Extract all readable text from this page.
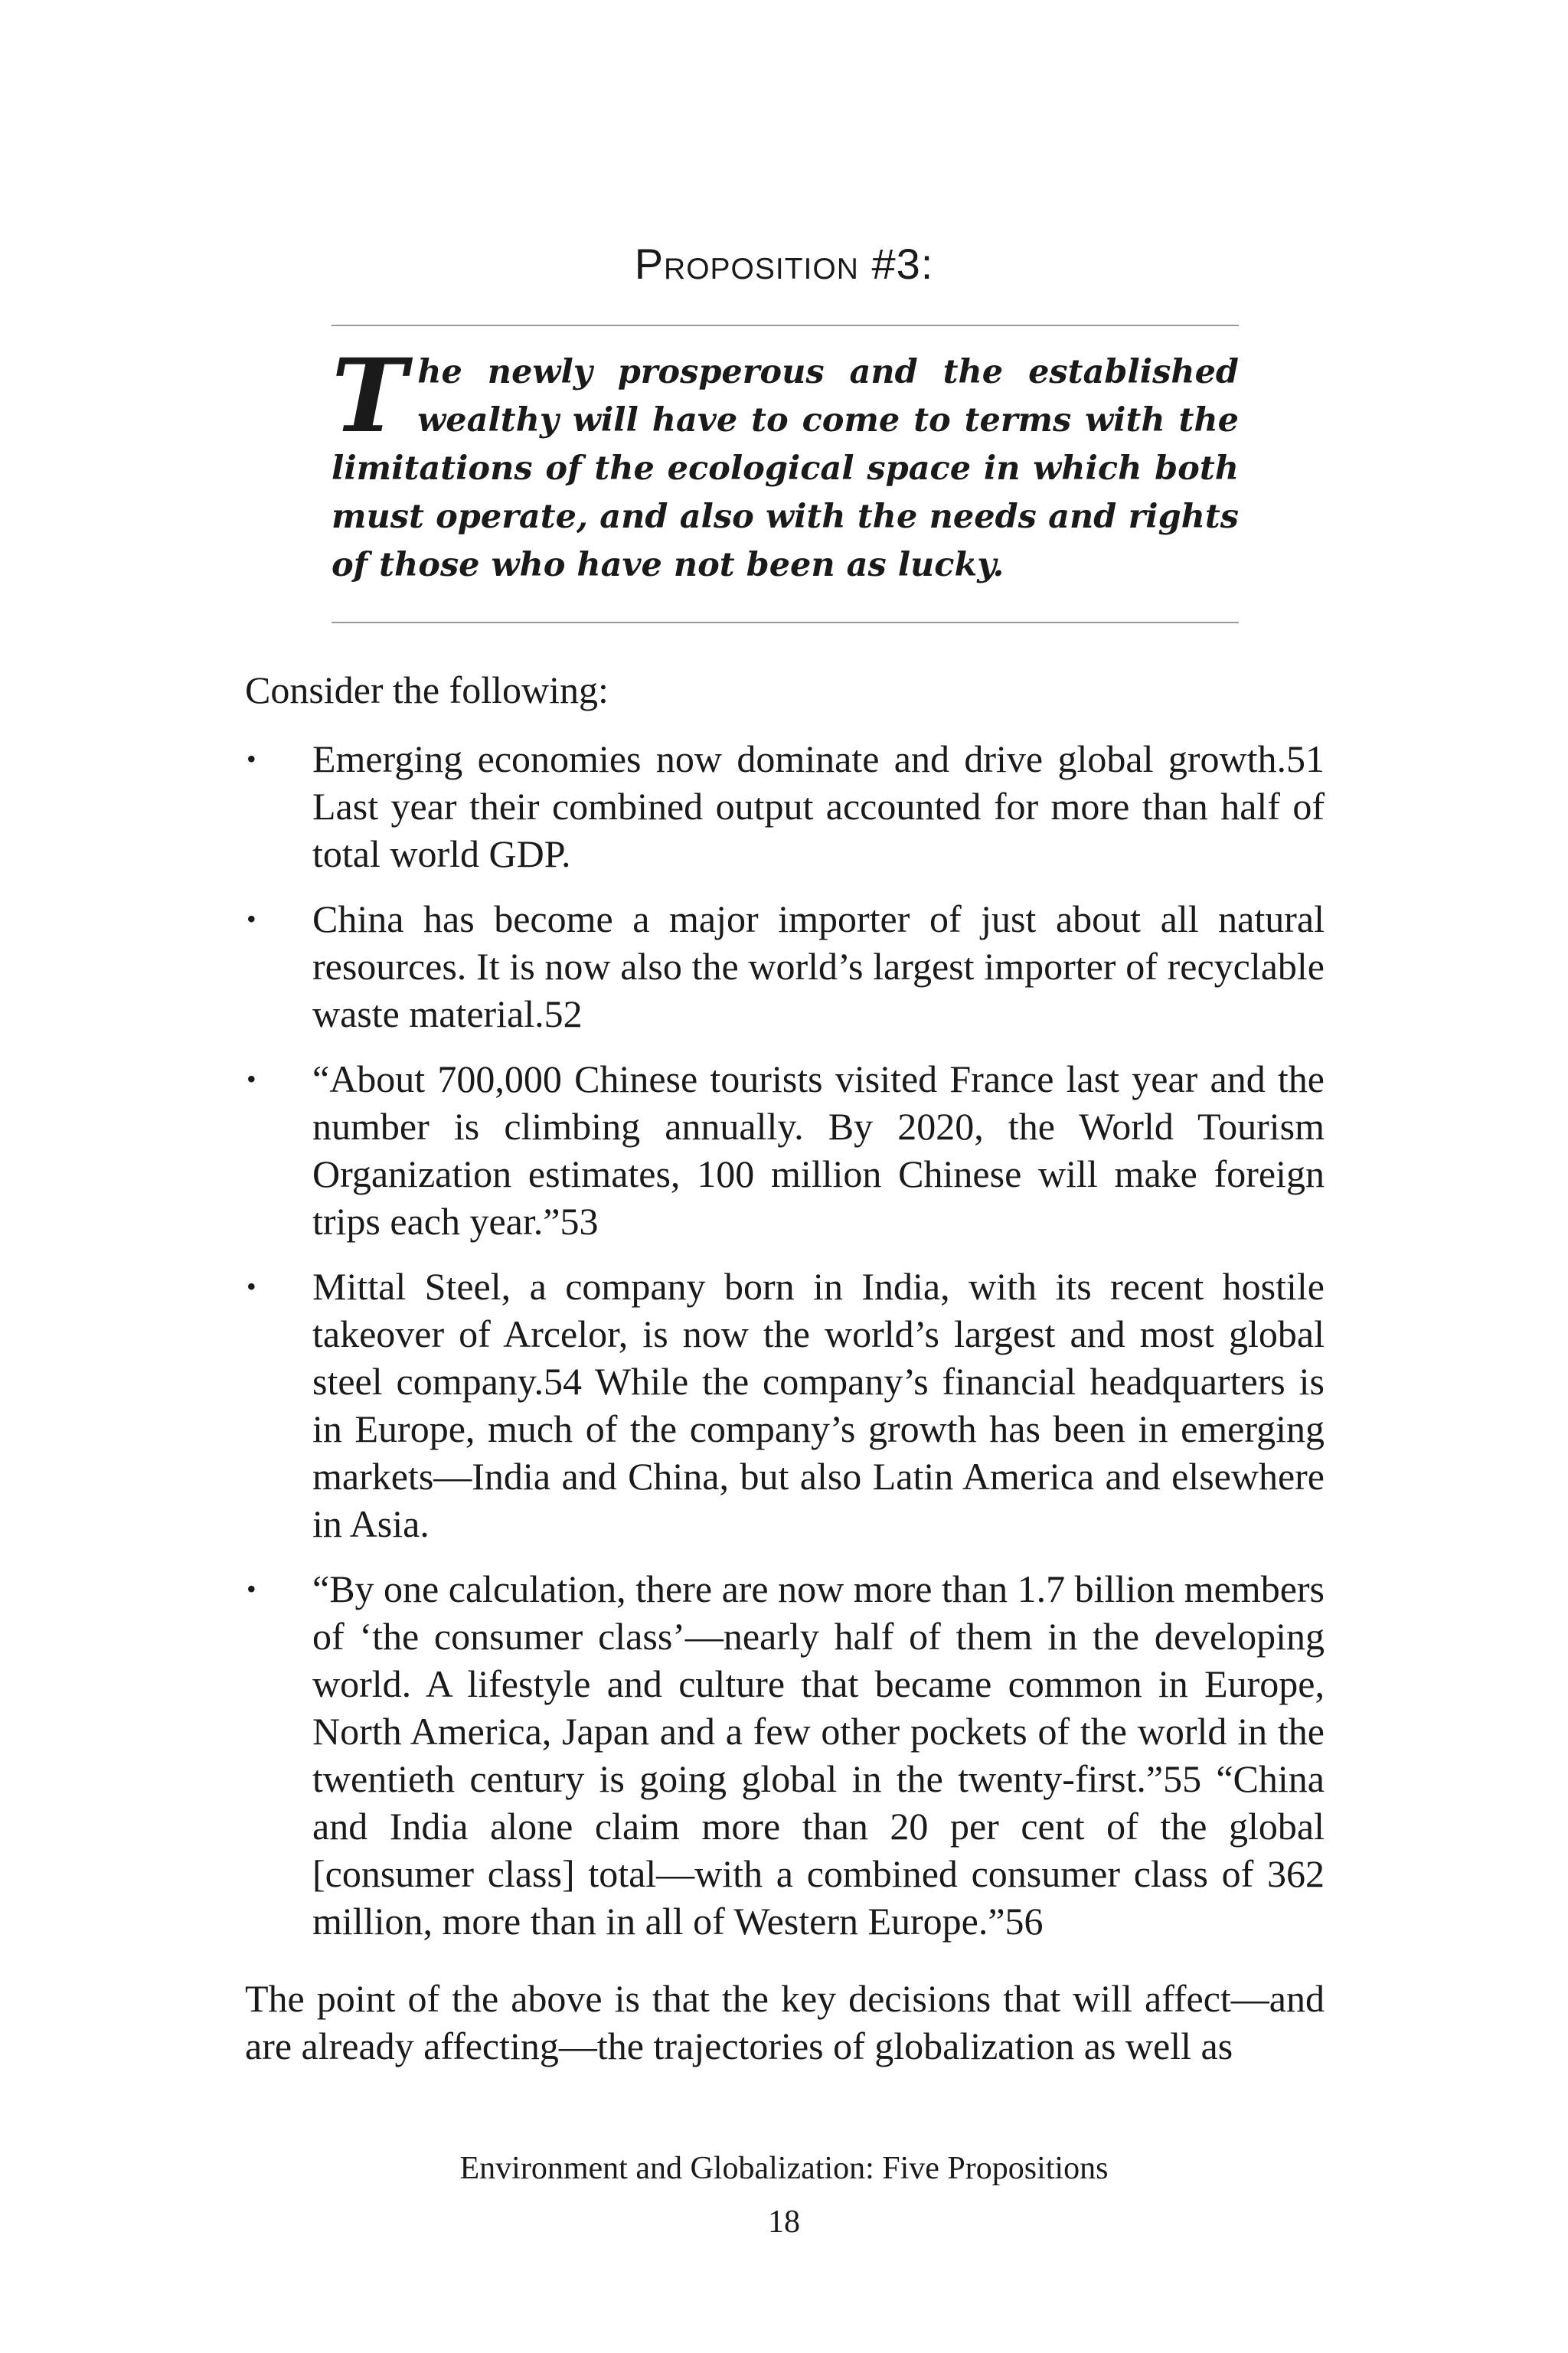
Proposition #3:
The newly prosperous and the established wealthy will have to come to terms with the limitations of the ecological space in which both must operate, and also with the needs and rights of those who have not been as lucky.
Consider the following:
• Emerging economies now dominate and drive global growth.51 Last year their combined output accounted for more than half of total world GDP.
• China has become a major importer of just about all natural resources. It is now also the world’s largest importer of recyclable waste material.52
• “About 700,000 Chinese tourists visited France last year and the number is climbing annually. By 2020, the World Tourism Organization estimates, 100 million Chinese will make foreign trips each year.”53
• Mittal Steel, a company born in India, with its recent hostile takeover of Arcelor, is now the world’s largest and most global steel company.54 While the company’s financial headquarters is in Europe, much of the company’s growth has been in emerging markets—India and China, but also Latin America and elsewhere in Asia.
• “By one calculation, there are now more than 1.7 billion members of ‘the consumer class’—nearly half of them in the developing world. A lifestyle and culture that became common in Europe, North America, Japan and a few other pockets of the world in the twentieth century is going global in the twenty-first.”55 “China and India alone claim more than 20 per cent of the global [consumer class] total—with a combined consumer class of 362 million, more than in all of Western Europe.”56
The point of the above is that the key decisions that will affect—and are already affecting—the trajectories of globalization as well as
Environment and Globalization: Five Propositions
18
